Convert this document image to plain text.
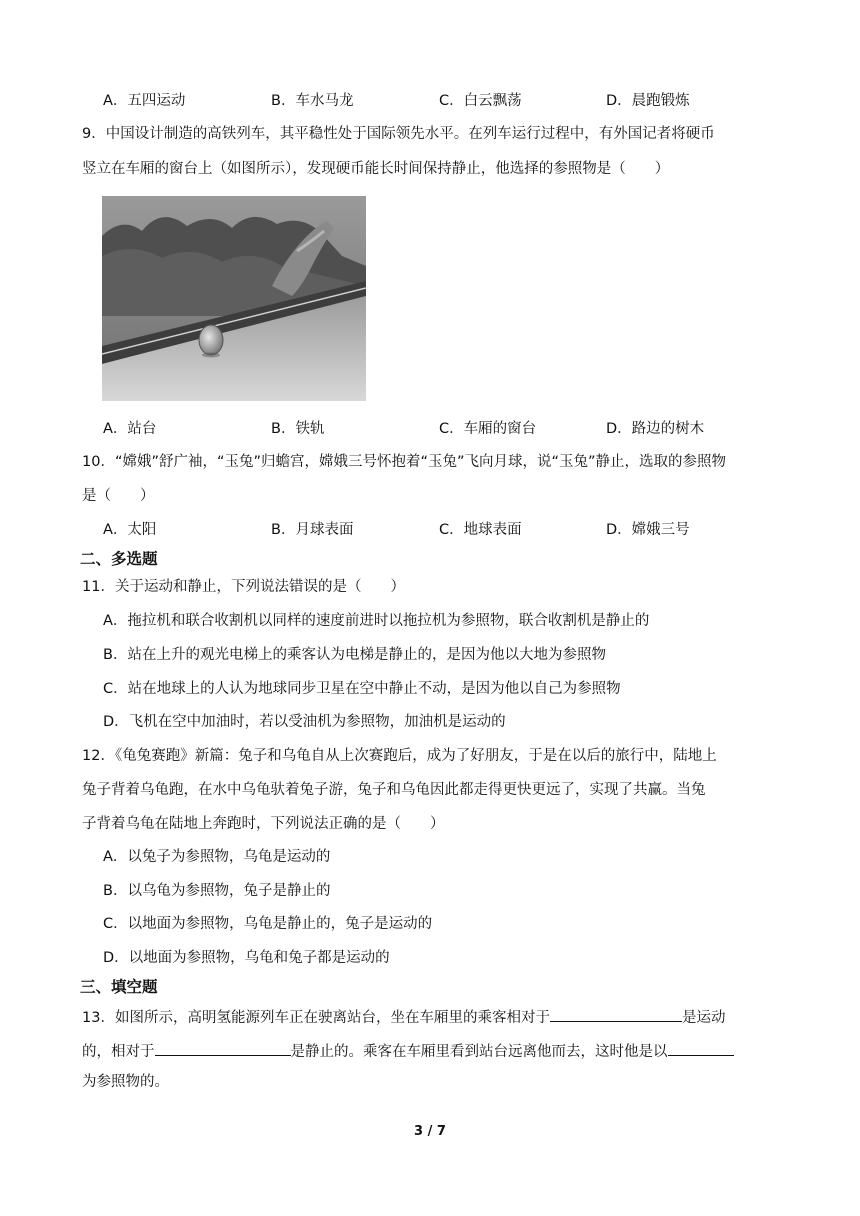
A．五四运动	B．车水马龙	C．白云飘荡	D．晨跑锻炼
9．中国设计制造的高铁列车，其平稳性处于国际领先水平。在列车运行过程中，有外国记者将硬币
竖立在车厢的窗台上（如图所示），发现硬币能长时间保持静止，他选择的参照物是（　　）
A．站台	B．铁轨	C．车厢的窗台	D．路边的树木
10．“嫦娥”舒广袖，“玉兔”归蟾宫，嫦娥三号怀抱着“玉兔”飞向月球，说“玉兔”静止，选取的参照物
是（　　）
A．太阳	B．月球表面	C．地球表面	D．嫦娥三号
二、多选题
11．关于运动和静止，下列说法错误的是（　　）
A．拖拉机和联合收割机以同样的速度前进时以拖拉机为参照物，联合收割机是静止的
B．站在上升的观光电梯上的乘客认为电梯是静止的，是因为他以大地为参照物
C．站在地球上的人认为地球同步卫星在空中静止不动，是因为他以自己为参照物
D．飞机在空中加油时，若以受油机为参照物，加油机是运动的
12．《龟兔赛跑》新篇：兔子和乌龟自从上次赛跑后，成为了好朋友，于是在以后的旅行中，陆地上
兔子背着乌龟跑，在水中乌龟驮着兔子游，兔子和乌龟因此都走得更快更远了，实现了共赢。当兔
子背着乌龟在陆地上奔跑时，下列说法正确的是（　　）
A．以兔子为参照物，乌龟是运动的
B．以乌龟为参照物，兔子是静止的
C．以地面为参照物，乌龟是静止的，兔子是运动的
D．以地面为参照物，乌龟和兔子都是运动的
三、填空题
13．如图所示，高明氢能源列车正在驶离站台，坐在车厢里的乘客相对于	是运动
的，相对于	是静止的。乘客在车厢里看到站台远离他而去，这时他是以
为参照物的。
3 / 7
